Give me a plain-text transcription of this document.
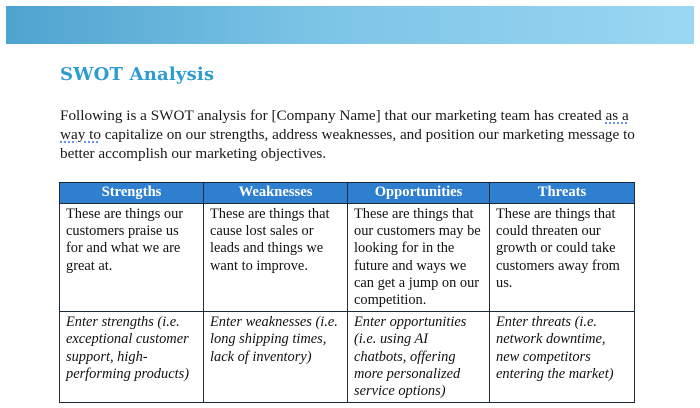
SWOT Analysis
Following is a SWOT analysis for [Company Name] that our marketing team has created as a way to capitalize on our strengths, address weaknesses, and position our marketing message to better accomplish our marketing objectives.
Strengths	Weaknesses	Opportunities	Threats
These are things our customers praise us for and what we are great at.	These are things that cause lost sales or leads and things we want to improve.	These are things that our customers may be looking for in the future and ways we can get a jump on our competition.	These are things that could threaten our growth or could take customers away from us.
Enter strengths (i.e. exceptional customer support, high-performing products)	Enter weaknesses (i.e. long shipping times, lack of inventory)	Enter opportunities (i.e. using AI chatbots, offering more personalized service options)	Enter threats (i.e. network downtime, new competitors entering the market)
